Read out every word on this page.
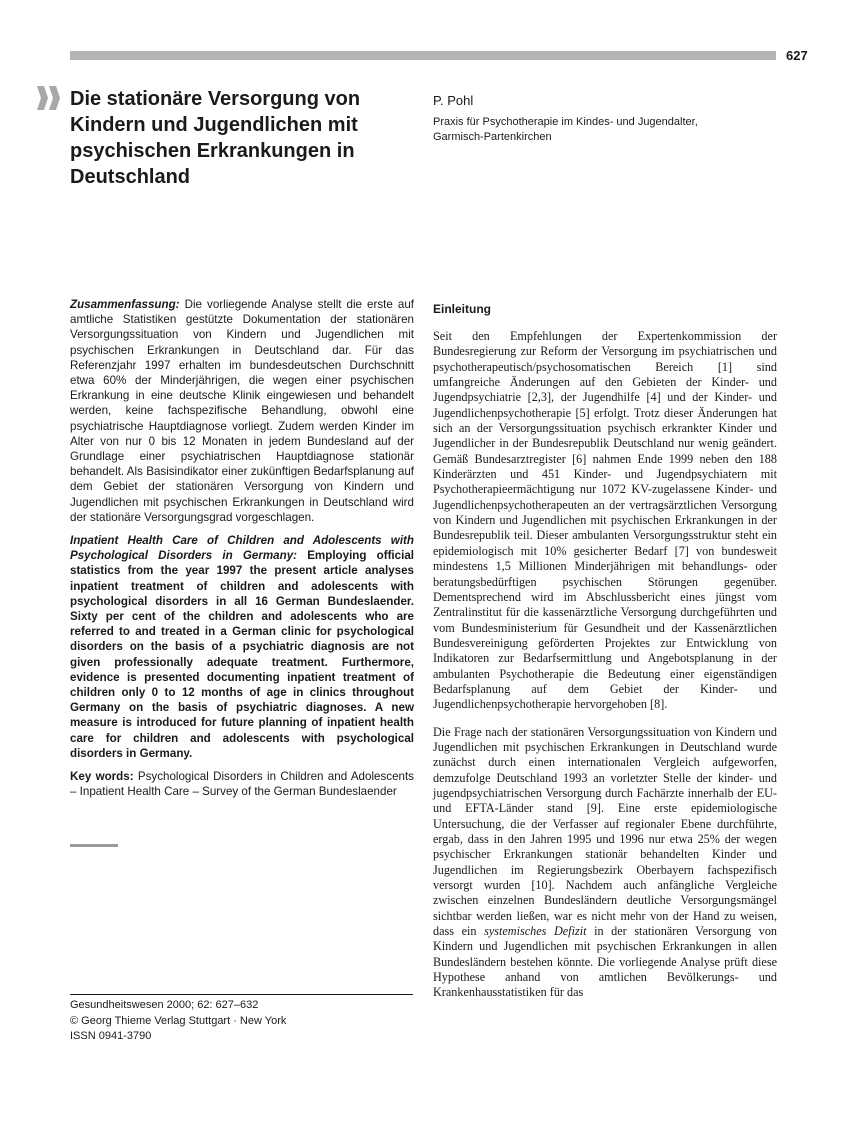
627
Die stationäre Versorgung von Kindern und Jugendlichen mit psychischen Erkrankungen in Deutschland
P. Pohl
Praxis für Psychotherapie im Kindes- und Jugendalter,
Garmisch-Partenkirchen

Zusammenfassung: Die vorliegende Analyse stellt die erste auf amtliche Statistiken gestützte Dokumentation der stationären Versorgungssituation von Kindern und Jugendlichen mit psychischen Erkrankungen in Deutschland dar. Für das Referenzjahr 1997 erhalten im bundesdeutschen Durchschnitt etwa 60% der Minderjährigen, die wegen einer psychischen Erkrankung in eine deutsche Klinik eingewiesen und behandelt werden, keine fachspezifische Behandlung, obwohl eine psychiatrische Hauptdiagnose vorliegt. Zudem werden Kinder im Alter von nur 0 bis 12 Monaten in jedem Bundesland auf der Grundlage einer psychiatrischen Hauptdiagnose stationär behandelt. Als Basisindikator einer zukünftigen Bedarfsplanung auf dem Gebiet der stationären Versorgung von Kindern und Jugendlichen mit psychischen Erkrankungen in Deutschland wird der stationäre Versorgungsgrad vorgeschlagen.

Inpatient Health Care of Children and Adolescents with Psychological Disorders in Germany: Employing official statistics from the year 1997 the present article analyses inpatient treatment of children and adolescents with psychological disorders in all 16 German Bundeslaender. Sixty per cent of the children and adolescents who are referred to and treated in a German clinic for psychological disorders on the basis of a psychiatric diagnosis are not given professionally adequate treatment. Furthermore, evidence is presented documenting inpatient treatment of children only 0 to 12 months of age in clinics throughout Germany on the basis of psychiatric diagnoses. A new measure is introduced for future planning of inpatient health care for children and adolescents with psychological disorders in Germany.

Key words: Psychological Disorders in Children and Adolescents – Inpatient Health Care – Survey of the German Bundeslaender

Gesundheitswesen 2000; 62: 627–632
© Georg Thieme Verlag Stuttgart · New York
ISSN 0941-3790
Einleitung

Seit den Empfehlungen der Expertenkommission der Bundesregierung zur Reform der Versorgung im psychiatrischen und psychotherapeutisch/psychosomatischen Bereich [1] sind umfangreiche Änderungen auf den Gebieten der Kinder- und Jugendpsychiatrie [2,3], der Jugendhilfe [4] und der Kinder- und Jugendlichenpsychotherapie [5] erfolgt. Trotz dieser Änderungen hat sich an der Versorgungssituation psychisch erkrankter Kinder und Jugendlicher in der Bundesrepublik Deutschland nur wenig geändert. Gemäß Bundesarztregister [6] nahmen Ende 1999 neben den 188 Kinderärzten und 451 Kinder- und Jugendpsychiatern mit Psychotherapieermächtigung nur 1072 KV-zugelassene Kinder- und Jugendlichenpsychotherapeuten an der vertragsärztlichen Versorgung von Kindern und Jugendlichen mit psychischen Erkrankungen in der Bundesrepublik teil. Dieser ambulanten Versorgungsstruktur steht ein epidemiologisch mit 10% gesicherter Bedarf [7] von bundesweit mindestens 1,5 Millionen Minderjährigen mit behandlungs- oder beratungsbedürftigen psychischen Störungen gegenüber. Dementsprechend wird im Abschlussbericht eines jüngst vom Zentralinstitut für die kassenärztliche Versorgung durchgeführten und vom Bundesministerium für Gesundheit und der Kassenärztlichen Bundesvereinigung geförderten Projektes zur Entwicklung von Indikatoren zur Bedarfsermittlung und Angebotsplanung in der ambulanten Psychotherapie die Bedeutung einer eigenständigen Bedarfsplanung auf dem Gebiet der Kinder- und Jugendlichenpsychotherapie hervorgehoben [8].

Die Frage nach der stationären Versorgungssituation von Kindern und Jugendlichen mit psychischen Erkrankungen in Deutschland wurde zunächst durch einen internationalen Vergleich aufgeworfen, demzufolge Deutschland 1993 an vorletzter Stelle der kinder- und jugendpsychiatrischen Versorgung durch Fachärzte innerhalb der EU- und EFTA-Länder stand [9]. Eine erste epidemiologische Untersuchung, die der Verfasser auf regionaler Ebene durchführte, ergab, dass in den Jahren 1995 und 1996 nur etwa 25% der wegen psychischer Erkrankungen stationär behandelten Kinder und Jugendlichen im Regierungsbezirk Oberbayern fachspezifisch versorgt wurden [10]. Nachdem auch anfängliche Vergleiche zwischen einzelnen Bundesländern deutliche Versorgungsmängel sichtbar werden ließen, war es nicht mehr von der Hand zu weisen, dass ein systemisches Defizit in der stationären Versorgung von Kindern und Jugendlichen mit psychischen Erkrankungen in allen Bundesländern bestehen könnte. Die vorliegende Analyse prüft diese Hypothese anhand von amtlichen Bevölkerungs- und Krankenhausstatistiken für das
